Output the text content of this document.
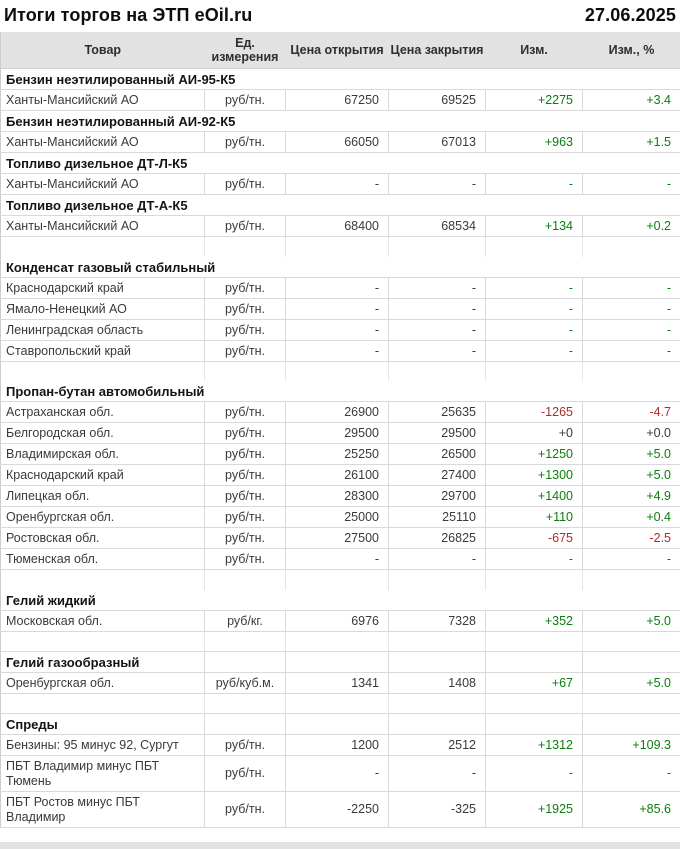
Итоги торгов на ЭТП eOil.ru	27.06.2025
Товар	Ед. измерения	Цена открытия	Цена закрытия	Изм.	Изм., %
Бензин неэтилированный АИ-95-К5					
Ханты-Мансийский АО	руб/тн.	67250	69525	+2275	+3.4
Бензин неэтилированный АИ-92-К5					
Ханты-Мансийский АО	руб/тн.	66050	67013	+963	+1.5
Топливо дизельное ДТ-Л-К5					
Ханты-Мансийский АО	руб/тн.	-	-	-	-
Топливо дизельное ДТ-А-К5					
Ханты-Мансийский АО	руб/тн.	68400	68534	+134	+0.2

Конденсат газовый стабильный					
Краснодарский край	руб/тн.	-	-	-	-
Ямало-Ненецкий АО	руб/тн.	-	-	-	-
Ленинградская область	руб/тн.	-	-	-	-
Ставропольский край	руб/тн.	-	-	-	-

Пропан-бутан автомобильный					
Астраханская обл.	руб/тн.	26900	25635	-1265	-4.7
Белгородская обл.	руб/тн.	29500	29500	+0	+0.0
Владимирская обл.	руб/тн.	25250	26500	+1250	+5.0
Краснодарский край	руб/тн.	26100	27400	+1300	+5.0
Липецкая обл.	руб/тн.	28300	29700	+1400	+4.9
Оренбургская обл.	руб/тн.	25000	25110	+110	+0.4
Ростовская обл.	руб/тн.	27500	26825	-675	-2.5
Тюменская обл.	руб/тн.	-	-	-	-

Гелий жидкий					
Московская обл.	руб/кг.	6976	7328	+352	+5.0

Гелий газообразный					
Оренбургская обл.	руб/куб.м.	1341	1408	+67	+5.0

Спреды					
Бензины: 95 минус 92, Сургут	руб/тн.	1200	2512	+1312	+109.3
ПБТ Владимир минус ПБТ Тюмень	руб/тн.	-	-	-	-
ПБТ Ростов минус ПБТ Владимир	руб/тн.	-2250	-325	+1925	+85.6
